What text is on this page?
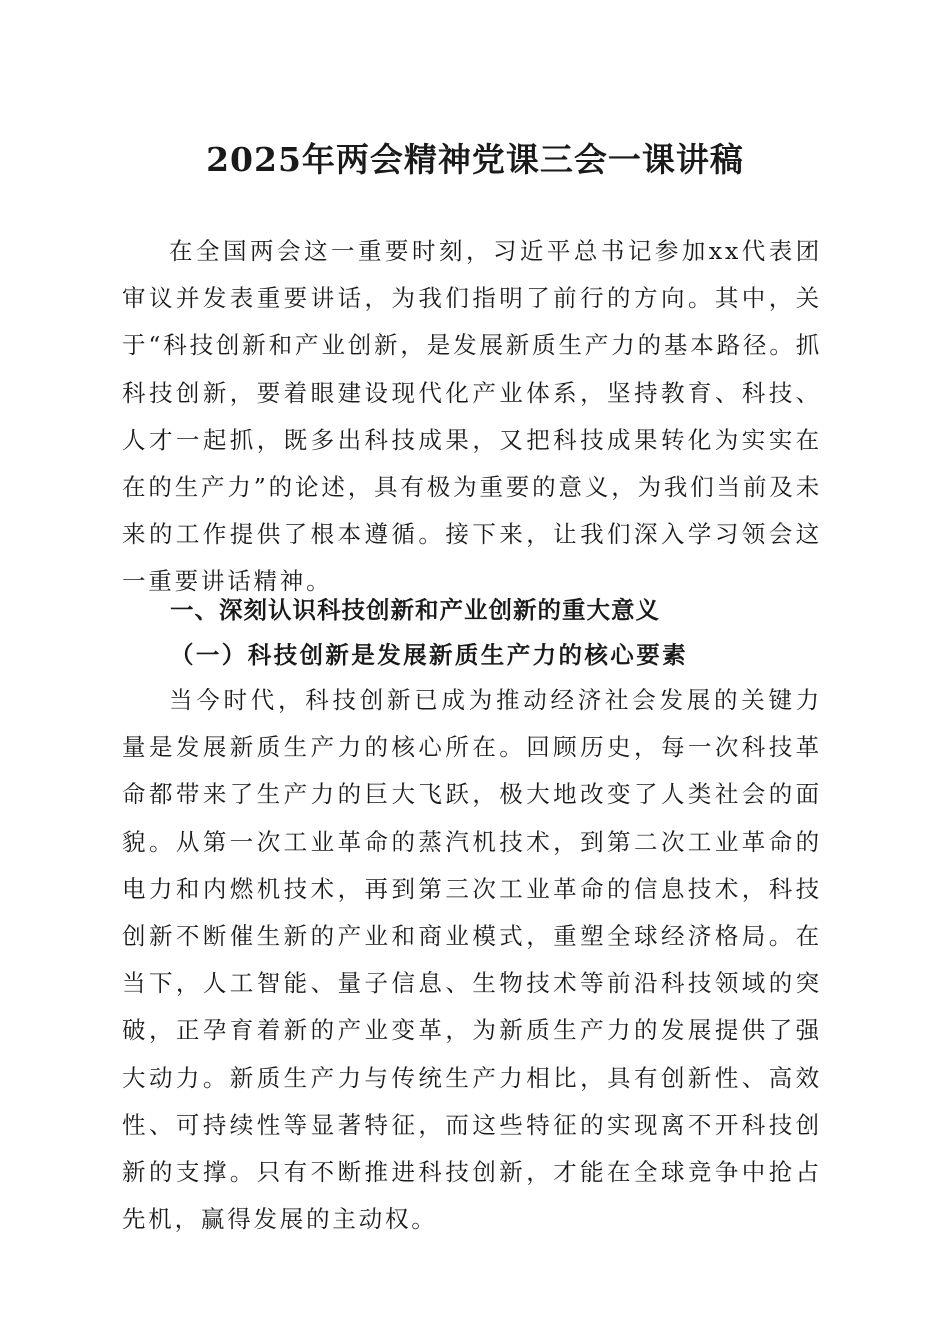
2025年两会精神党课三会一课讲稿

在全国两会这一重要时刻，习近平总书记参加xx代表团审议并发表重要讲话，为我们指明了前行的方向。其中，关于“科技创新和产业创新，是发展新质生产力的基本路径。抓科技创新，要着眼建设现代化产业体系，坚持教育、科技、人才一起抓，既多出科技成果，又把科技成果转化为实实在在的生产力”的论述，具有极为重要的意义，为我们当前及未来的工作提供了根本遵循。接下来，让我们深入学习领会这一重要讲话精神。

一、深刻认识科技创新和产业创新的重大意义
（一）科技创新是发展新质生产力的核心要素

当今时代，科技创新已成为推动经济社会发展的关键力量是发展新质生产力的核心所在。回顾历史，每一次科技革命都带来了生产力的巨大飞跃，极大地改变了人类社会的面貌。从第一次工业革命的蒸汽机技术，到第二次工业革命的电力和内燃机技术，再到第三次工业革命的信息技术，科技创新不断催生新的产业和商业模式，重塑全球经济格局。在当下，人工智能、量子信息、生物技术等前沿科技领域的突破，正孕育着新的产业变革，为新质生产力的发展提供了强大动力。新质生产力与传统生产力相比，具有创新性、高效性、可持续性等显著特征，而这些特征的实现离不开科技创新的支撑。只有不断推进科技创新，才能在全球竞争中抢占先机，赢得发展的主动权。
